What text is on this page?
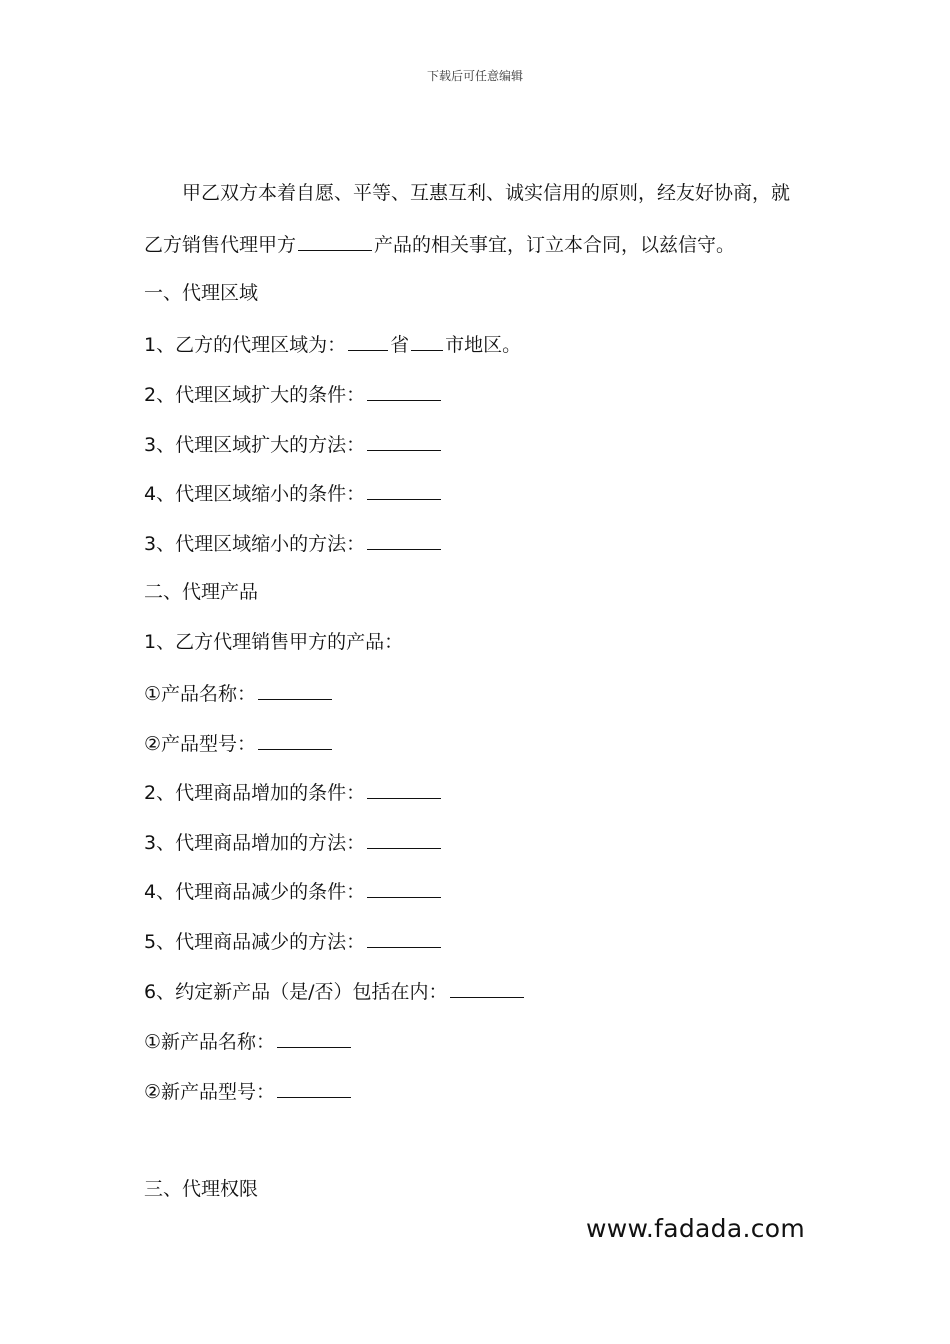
下载后可任意编辑
甲乙双方本着自愿、平等、互惠互利、诚实信用的原则，经友好协商，就
乙方销售代理甲方	产品的相关事宜，订立本合同，以兹信守。
一、代理区域
1、乙方的代理区域为： 省 市地区。
2、代理区域扩大的条件：
3、代理区域扩大的方法：
4、代理区域缩小的条件：
3、代理区域缩小的方法：
二、代理产品
1、乙方代理销售甲方的产品：
①产品名称：
②产品型号：
2、代理商品增加的条件：
3、代理商品增加的方法：
4、代理商品减少的条件：
5、代理商品减少的方法：
6、约定新产品（是/否）包括在内：
①新产品名称：
②新产品型号：
三、代理权限
www.fadada.com
